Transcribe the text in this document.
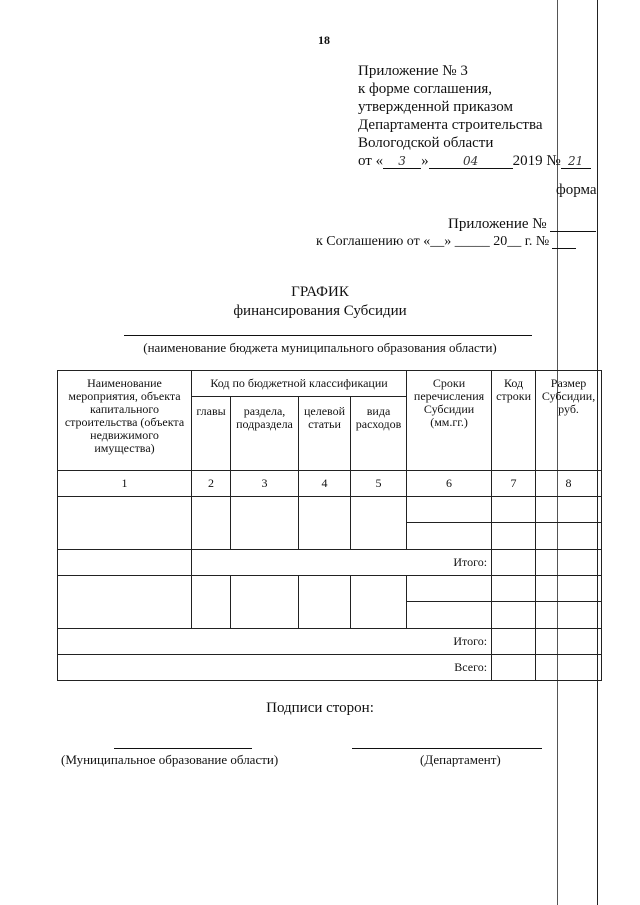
18
Приложение № 3
к форме соглашения,
утвержденной приказом
Департамента строительства
Вологодской области
от « 3 »	04 2019 № 21
форма
Приложение №
к Соглашению от «__» _____ 20__ г. №
ГРАФИК
финансирования Субсидии
(наименование бюджета муниципального образования области)
Наименование мероприятия, объекта капитального строительства (объекта недвижимого имущества)	Код по бюджетной классификации				Сроки перечисления Субсидии (мм.гг.)	Код строки	Размер Субсидии, руб.
	главы	раздела, подраздела	целевой статьи	вида расходов			
1	2	3	4	5	6	7	8

	Итого:						

Итого:							
Всего:							
Подписи сторон:
(Муниципальное образование области)	(Департамент)
